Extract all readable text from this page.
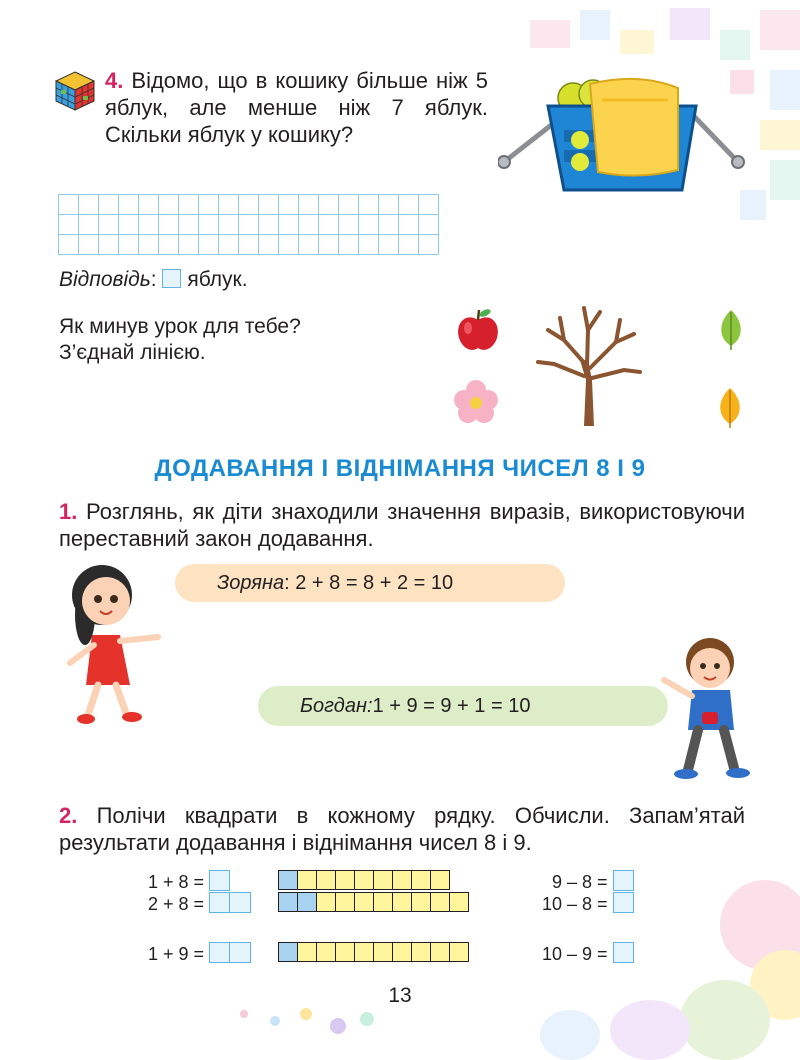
4. Відомо, що в кошику більше ніж 5 яблук, але менше ніж 7 яблук. Скільки яблук у кошику?
Відповідь: яблук.
Як минув урок для тебе?
З’єднай лінією.
ДОДАВАННЯ І ВІДНІМАННЯ ЧИСЕЛ 8 І 9
1. Розглянь, як діти знаходили значення виразів, використовуючи переставний закон додавання.
Зоряна : 2 + 8 = 8 + 2 = 10
Богдан: 1 + 9 = 9 + 1 = 10
2. Полічи квадрати в кожному рядку. Обчисли. Запам’ятай результати додавання і віднімання чисел 8 і 9.
1 + 8 =
2 + 8 =
1 + 9 =
9 – 8 =
10 – 8 =
10 – 9 =
13
